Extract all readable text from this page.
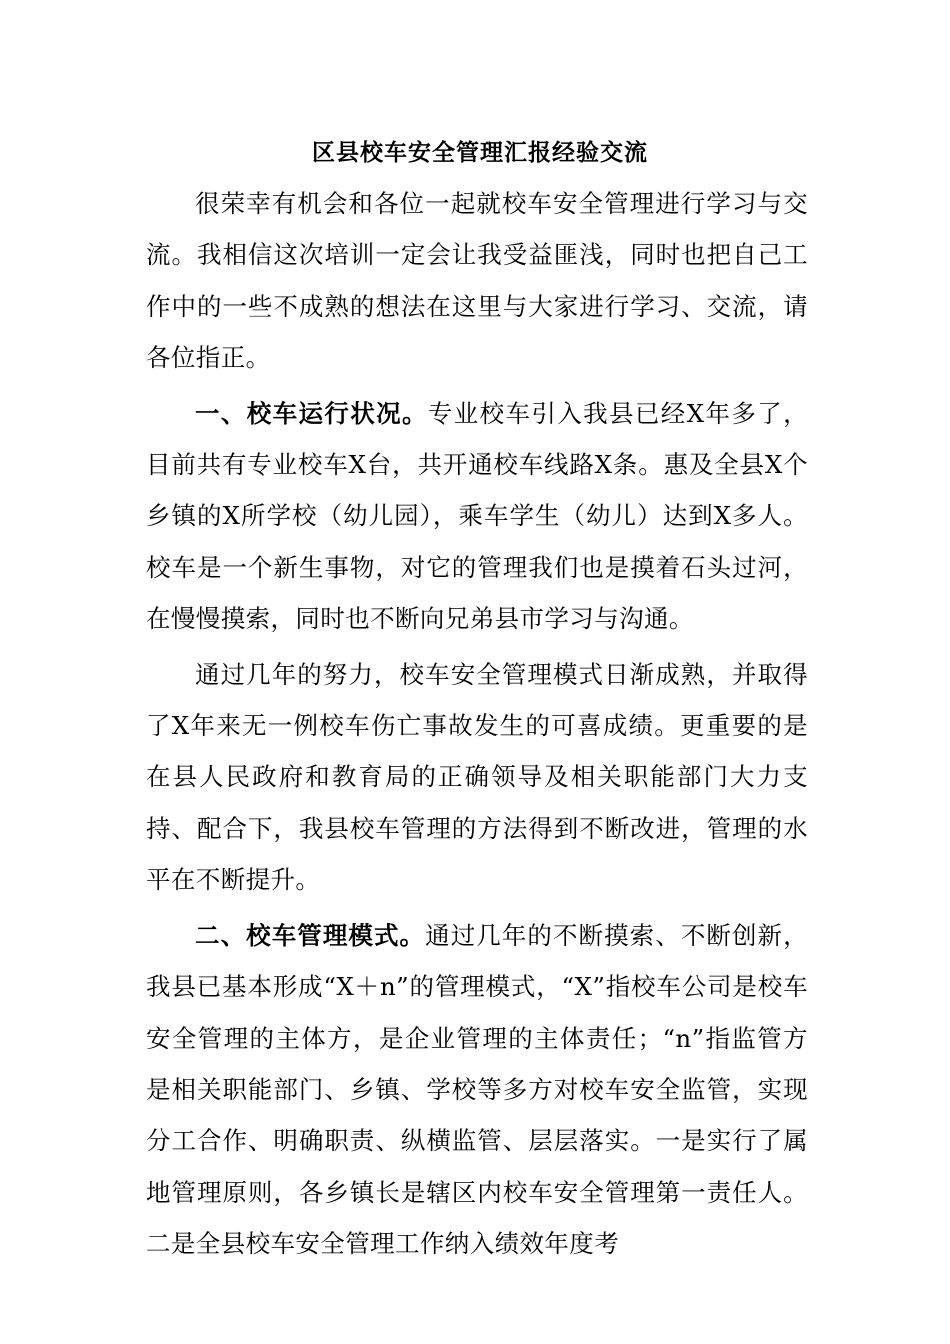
区县校车安全管理汇报经验交流

很荣幸有机会和各位一起就校车安全管理进行学习与交流。我相信这次培训一定会让我受益匪浅，同时也把自己工作中的一些不成熟的想法在这里与大家进行学习、交流，请各位指正。

一、校车运行状况。专业校车引入我县已经X年多了，目前共有专业校车X台，共开通校车线路X条。惠及全县X个乡镇的X所学校（幼儿园），乘车学生（幼儿）达到X多人。校车是一个新生事物，对它的管理我们也是摸着石头过河，在慢慢摸索，同时也不断向兄弟县市学习与沟通。

通过几年的努力，校车安全管理模式日渐成熟，并取得了X年来无一例校车伤亡事故发生的可喜成绩。更重要的是在县人民政府和教育局的正确领导及相关职能部门大力支持、配合下，我县校车管理的方法得到不断改进，管理的水平在不断提升。

二、校车管理模式。通过几年的不断摸索、不断创新，我县已基本形成“X＋n”的管理模式，“X”指校车公司是校车安全管理的主体方，是企业管理的主体责任；“n”指监管方是相关职能部门、乡镇、学校等多方对校车安全监管，实现分工合作、明确职责、纵横监管、层层落实。一是实行了属地管理原则，各乡镇长是辖区内校车安全管理第一责任人。二是全县校车安全管理工作纳入绩效年度考
